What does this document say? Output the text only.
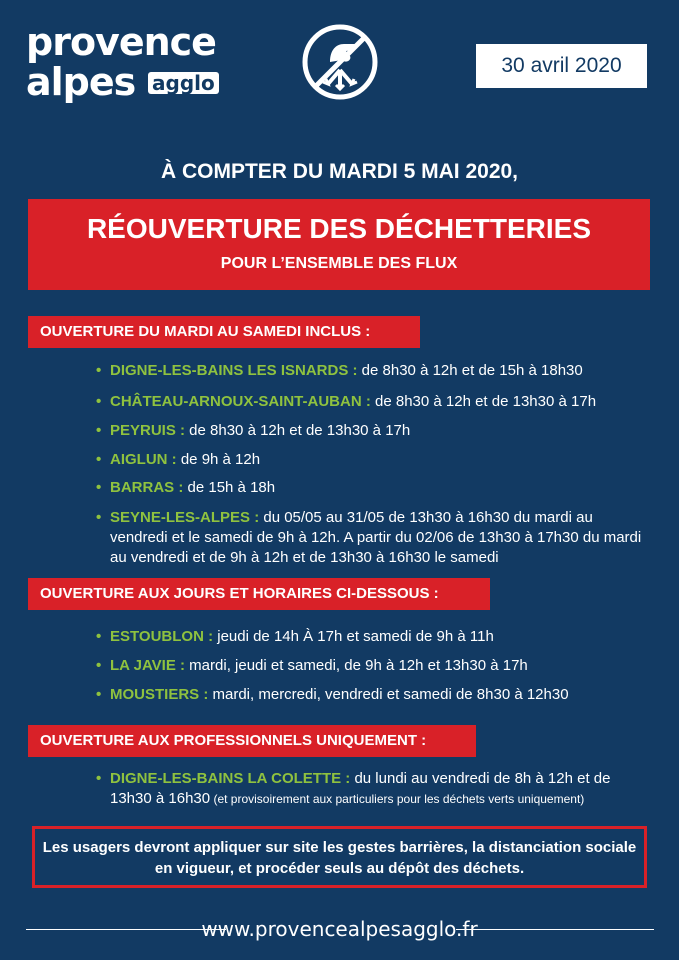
provence
alpes agglo
30 avril 2020
À COMPTER DU MARDI 5 MAI 2020,
RÉOUVERTURE DES DÉCHETTERIES
POUR L’ENSEMBLE DES FLUX
OUVERTURE DU MARDI AU SAMEDI INCLUS :
• DIGNE-LES-BAINS LES ISNARDS : de 8h30 à 12h et de 15h à 18h30
• CHÂTEAU-ARNOUX-SAINT-AUBAN : de 8h30 à 12h et de 13h30 à 17h
• PEYRUIS : de 8h30 à 12h et de 13h30 à 17h
• AIGLUN : de 9h à 12h
• BARRAS : de 15h à 18h
• SEYNE-LES-ALPES : du 05/05 au 31/05 de 13h30 à 16h30 du mardi au vendredi et le samedi de 9h à 12h. A partir du 02/06 de 13h30 à 17h30 du mardi au vendredi et de 9h à 12h et de 13h30 à 16h30 le samedi
OUVERTURE AUX JOURS ET HORAIRES CI-DESSOUS :
• ESTOUBLON : jeudi de 14h À 17h et samedi de 9h à 11h
• LA JAVIE : mardi, jeudi et samedi, de 9h à 12h et 13h30 à 17h
• MOUSTIERS : mardi, mercredi, vendredi et samedi de 8h30 à 12h30
OUVERTURE AUX PROFESSIONNELS UNIQUEMENT :
• DIGNE-LES-BAINS LA COLETTE : du lundi au vendredi de 8h à 12h et de 13h30 à 16h30 (et provisoirement aux particuliers pour les déchets verts uniquement)
Les usagers devront appliquer sur site les gestes barrières, la distanciation sociale en vigueur, et procéder seuls au dépôt des déchets.
www.provencealpesagglo.fr
